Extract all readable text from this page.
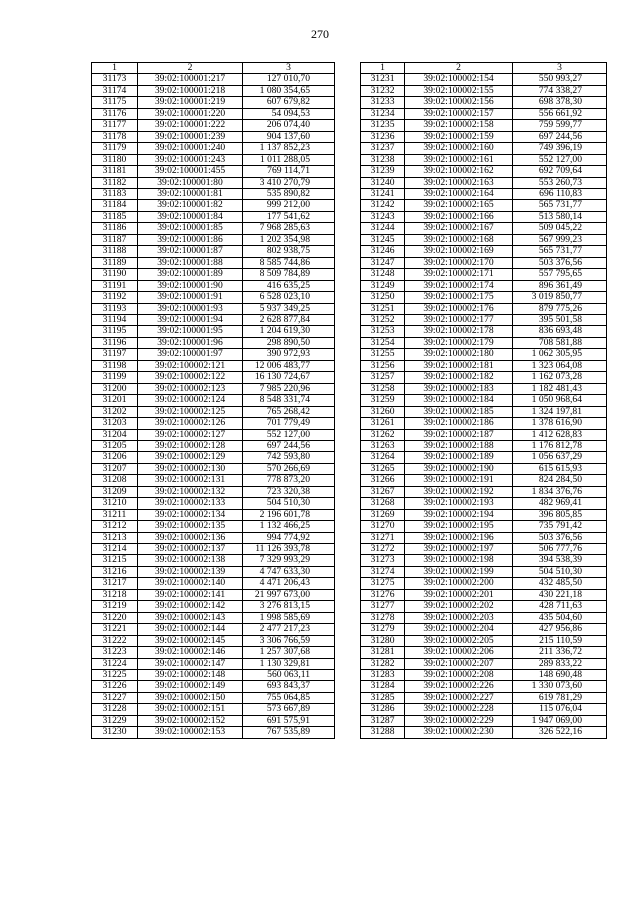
270
1	2	3
31173	39:02:100001:217	127 010,70
31174	39:02:100001:218	1 080 354,65
31175	39:02:100001:219	607 679,82
31176	39:02:100001:220	54 094,53
31177	39:02:100001:222	206 074,40
31178	39:02:100001:239	904 137,60
31179	39:02:100001:240	1 137 852,23
31180	39:02:100001:243	1 011 288,05
31181	39:02:100001:455	769 114,71
31182	39:02:100001:80	3 410 270,79
31183	39:02:100001:81	535 890,82
31184	39:02:100001:82	999 212,00
31185	39:02:100001:84	177 541,62
31186	39:02:100001:85	7 968 285,63
31187	39:02:100001:86	1 202 354,98
31188	39:02:100001:87	802 938,75
31189	39:02:100001:88	8 585 744,86
31190	39:02:100001:89	8 509 784,89
31191	39:02:100001:90	416 635,25
31192	39:02:100001:91	6 528 023,10
31193	39:02:100001:93	5 937 349,25
31194	39:02:100001:94	2 628 877,84
31195	39:02:100001:95	1 204 619,30
31196	39:02:100001:96	298 890,50
31197	39:02:100001:97	390 972,93
31198	39:02:100002:121	12 006 483,77
31199	39:02:100002:122	16 130 724,67
31200	39:02:100002:123	7 985 220,96
31201	39:02:100002:124	8 548 331,74
31202	39:02:100002:125	765 268,42
31203	39:02:100002:126	701 779,49
31204	39:02:100002:127	552 127,00
31205	39:02:100002:128	697 244,56
31206	39:02:100002:129	742 593,80
31207	39:02:100002:130	570 266,69
31208	39:02:100002:131	778 873,20
31209	39:02:100002:132	723 320,38
31210	39:02:100002:133	504 510,30
31211	39:02:100002:134	2 196 601,78
31212	39:02:100002:135	1 132 466,25
31213	39:02:100002:136	994 774,92
31214	39:02:100002:137	11 126 393,78
31215	39:02:100002:138	7 329 993,29
31216	39:02:100002:139	4 747 633,30
31217	39:02:100002:140	4 471 206,43
31218	39:02:100002:141	21 997 673,00
31219	39:02:100002:142	3 276 813,15
31220	39:02:100002:143	1 998 585,69
31221	39:02:100002:144	2 477 217,23
31222	39:02:100002:145	3 306 766,59
31223	39:02:100002:146	1 257 307,68
31224	39:02:100002:147	1 130 329,81
31225	39:02:100002:148	560 063,11
31226	39:02:100002:149	693 843,37
31227	39:02:100002:150	755 064,85
31228	39:02:100002:151	573 667,89
31229	39:02:100002:152	691 575,91
31230	39:02:100002:153	767 535,89
1	2	3
31231	39:02:100002:154	550 993,27
31232	39:02:100002:155	774 338,27
31233	39:02:100002:156	698 378,30
31234	39:02:100002:157	556 661,92
31235	39:02:100002:158	759 599,77
31236	39:02:100002:159	697 244,56
31237	39:02:100002:160	749 396,19
31238	39:02:100002:161	552 127,00
31239	39:02:100002:162	692 709,64
31240	39:02:100002:163	553 260,73
31241	39:02:100002:164	696 110,83
31242	39:02:100002:165	565 731,77
31243	39:02:100002:166	513 580,14
31244	39:02:100002:167	509 045,22
31245	39:02:100002:168	567 999,23
31246	39:02:100002:169	565 731,77
31247	39:02:100002:170	503 376,56
31248	39:02:100002:171	557 795,65
31249	39:02:100002:174	896 361,49
31250	39:02:100002:175	3 019 850,77
31251	39:02:100002:176	879 775,26
31252	39:02:100002:177	395 501,58
31253	39:02:100002:178	836 693,48
31254	39:02:100002:179	708 581,88
31255	39:02:100002:180	1 062 305,95
31256	39:02:100002:181	1 323 064,08
31257	39:02:100002:182	1 162 073,28
31258	39:02:100002:183	1 182 481,43
31259	39:02:100002:184	1 050 968,64
31260	39:02:100002:185	1 324 197,81
31261	39:02:100002:186	1 378 616,90
31262	39:02:100002:187	1 412 628,83
31263	39:02:100002:188	1 176 812,78
31264	39:02:100002:189	1 056 637,29
31265	39:02:100002:190	615 615,93
31266	39:02:100002:191	824 284,50
31267	39:02:100002:192	1 834 376,76
31268	39:02:100002:193	482 969,41
31269	39:02:100002:194	396 805,85
31270	39:02:100002:195	735 791,42
31271	39:02:100002:196	503 376,56
31272	39:02:100002:197	506 777,76
31273	39:02:100002:198	394 538,39
31274	39:02:100002:199	504 510,30
31275	39:02:100002:200	432 485,50
31276	39:02:100002:201	430 221,18
31277	39:02:100002:202	428 711,63
31278	39:02:100002:203	435 504,60
31279	39:02:100002:204	427 956,86
31280	39:02:100002:205	215 110,59
31281	39:02:100002:206	211 336,72
31282	39:02:100002:207	289 833,22
31283	39:02:100002:208	148 690,48
31284	39:02:100002:226	1 330 073,60
31285	39:02:100002:227	619 781,29
31286	39:02:100002:228	115 076,04
31287	39:02:100002:229	1 947 069,00
31288	39:02:100002:230	326 522,16
